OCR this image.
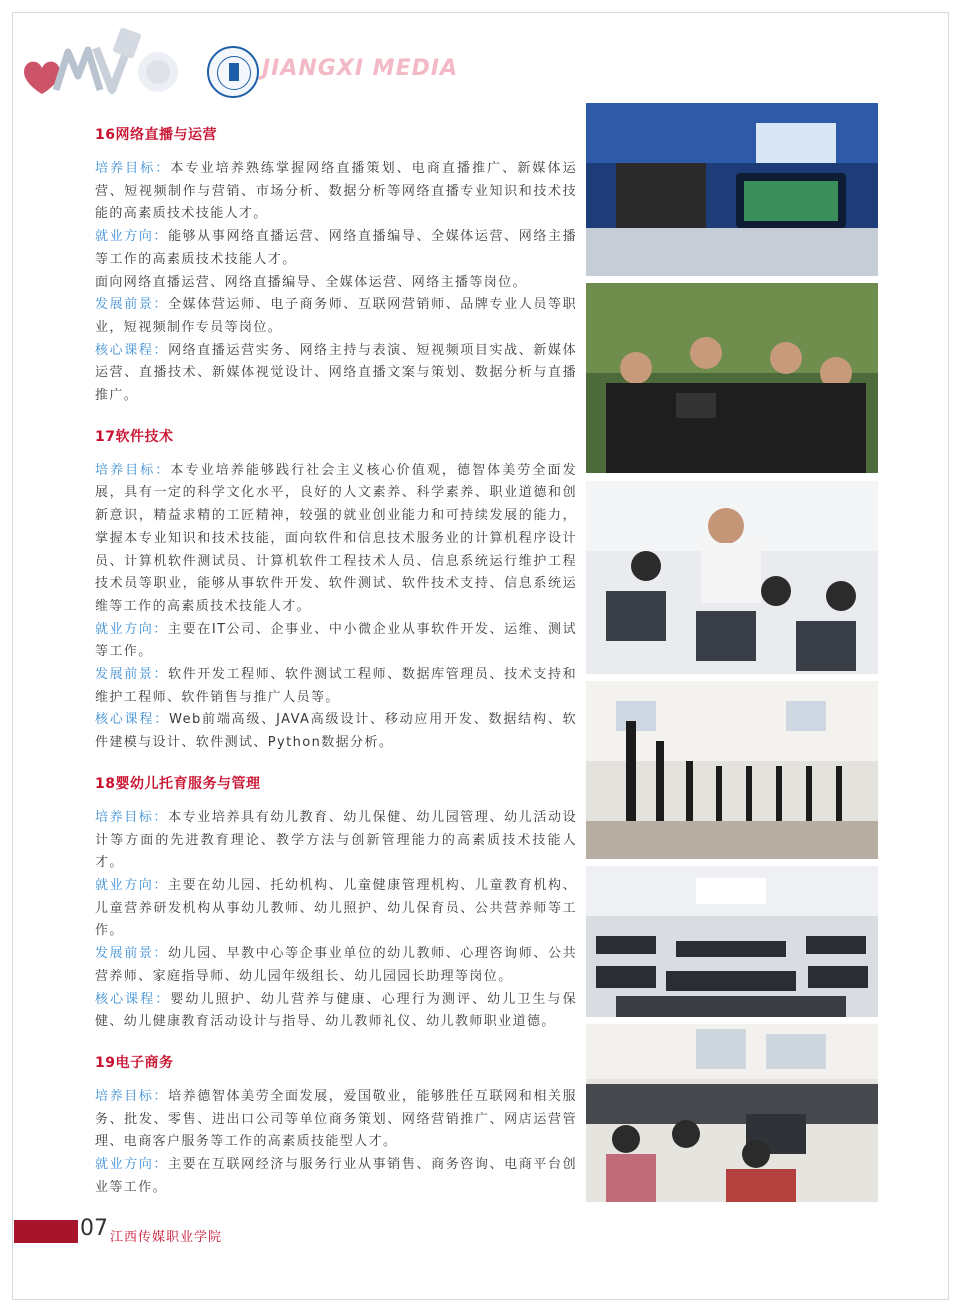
JIANGXI MEDIA
16网络直播与运营

培养目标：本专业培养熟练掌握网络直播策划、电商直播推广、新媒体运营、短视频制作与营销、市场分析、数据分析等网络直播专业知识和技术技能的高素质技术技能人才。

就业方向：能够从事网络直播运营、网络直播编导、全媒体运营、网络主播等工作的高素质技术技能人才。

面向网络直播运营、网络直播编导、全媒体运营、网络主播等岗位。

发展前景：全媒体营运师、电子商务师、互联网营销师、品牌专业人员等职业，短视频制作专员等岗位。

核心课程：网络直播运营实务、网络主持与表演、短视频项目实战、新媒体运营、直播技术、新媒体视觉设计、网络直播文案与策划、数据分析与直播推广。

17软件技术

培养目标：本专业培养能够践行社会主义核心价值观，德智体美劳全面发展，具有一定的科学文化水平，良好的人文素养、科学素养、职业道德和创新意识，精益求精的工匠精神，较强的就业创业能力和可持续发展的能力，掌握本专业知识和技术技能，面向软件和信息技术服务业的计算机程序设计员、计算机软件测试员、计算机软件工程技术人员、信息系统运行维护工程技术员等职业，能够从事软件开发、软件测试、软件技术支持、信息系统运维等工作的高素质技术技能人才。

就业方向：主要在IT公司、企事业、中小微企业从事软件开发、运维、测试等工作。

发展前景：软件开发工程师、软件测试工程师、数据库管理员、技术支持和维护工程师、软件销售与推广人员等。

核心课程：Web前端高级、JAVA高级设计、移动应用开发、数据结构、软件建模与设计、软件测试、Python数据分析。

18婴幼儿托育服务与管理

培养目标：本专业培养具有幼儿教育、幼儿保健、幼儿园管理、幼儿活动设计等方面的先进教育理论、教学方法与创新管理能力的高素质技术技能人才。

就业方向：主要在幼儿园、托幼机构、儿童健康管理机构、儿童教育机构、儿童营养研发机构从事幼儿教师、幼儿照护、幼儿保育员、公共营养师等工作。

发展前景：幼儿园、早教中心等企事业单位的幼儿教师、心理咨询师、公共营养师、家庭指导师、幼儿园年级组长、幼儿园园长助理等岗位。

核心课程：婴幼儿照护、幼儿营养与健康、心理行为测评、幼儿卫生与保健、幼儿健康教育活动设计与指导、幼儿教师礼仪、幼儿教师职业道德。

19电子商务

培养目标：培养德智体美劳全面发展，爱国敬业，能够胜任互联网和相关服务、批发、零售、进出口公司等单位商务策划、网络营销推广、网店运营管理、电商客户服务等工作的高素质技能型人才。

就业方向：主要在互联网经济与服务行业从事销售、商务咨询、电商平台创业等工作。

07 江西传媒职业学院
